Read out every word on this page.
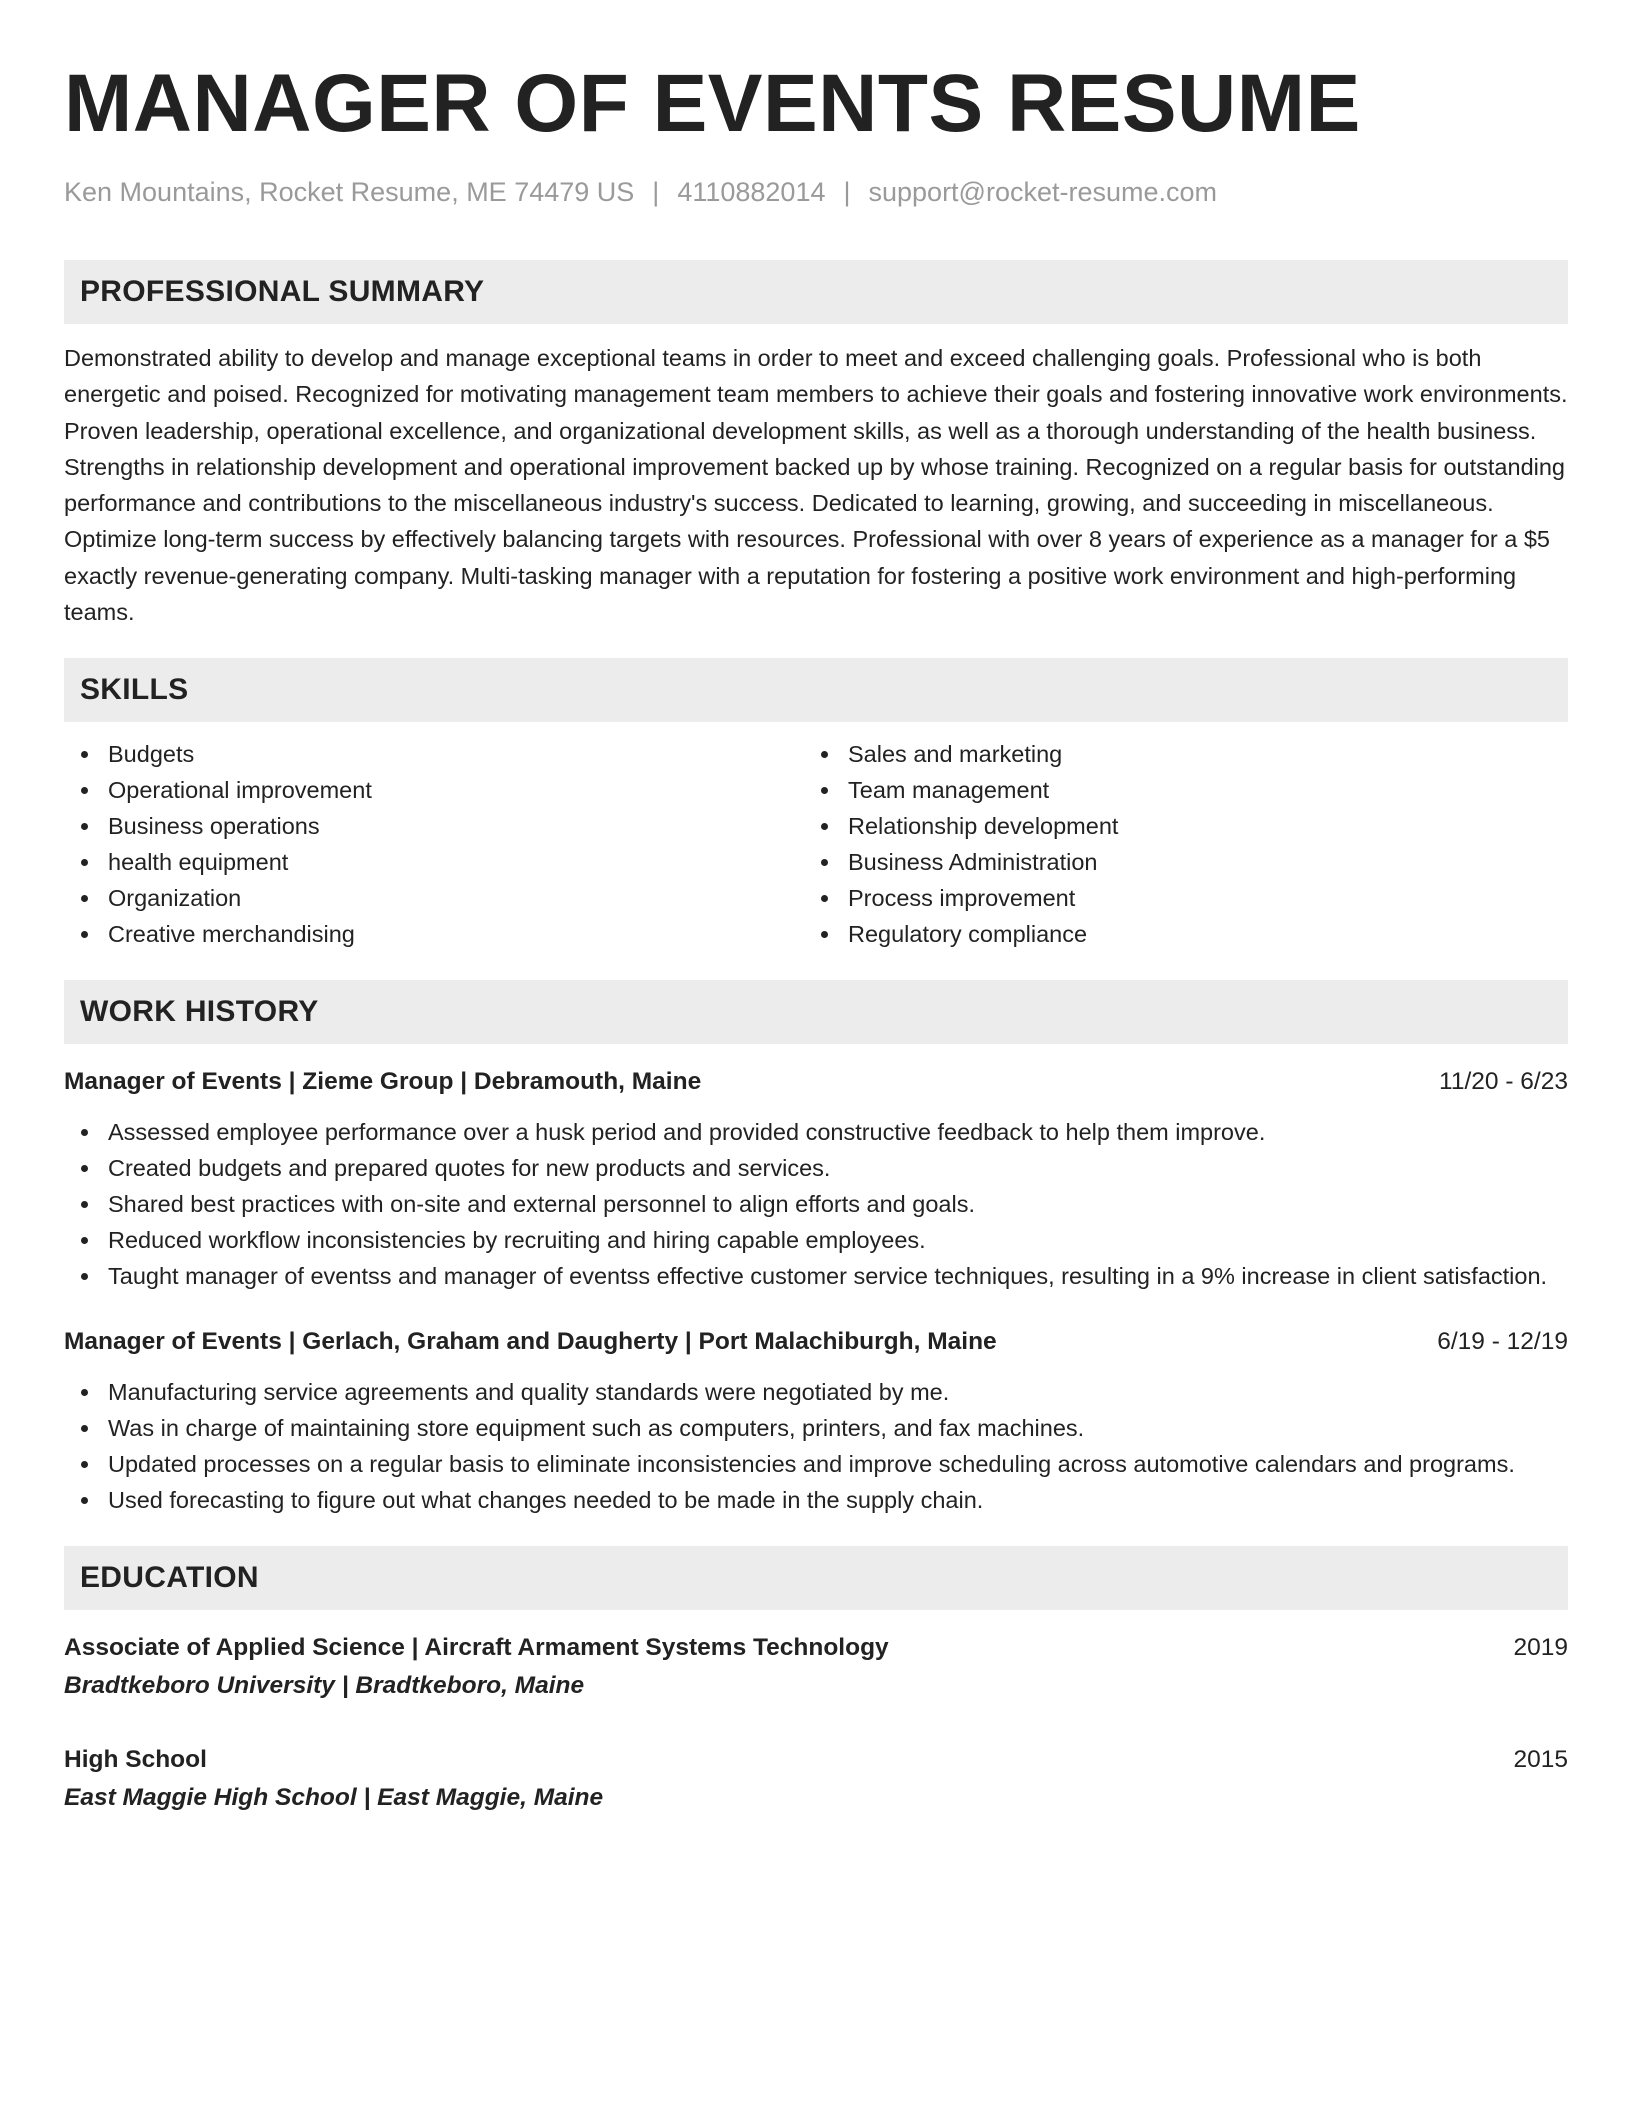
MANAGER OF EVENTS RESUME
Ken Mountains, Rocket Resume, ME 74479 US | 4110882014 | support@rocket-resume.com
PROFESSIONAL SUMMARY
Demonstrated ability to develop and manage exceptional teams in order to meet and exceed challenging goals. Professional who is both energetic and poised. Recognized for motivating management team members to achieve their goals and fostering innovative work environments. Proven leadership, operational excellence, and organizational development skills, as well as a thorough understanding of the health business. Strengths in relationship development and operational improvement backed up by whose training. Recognized on a regular basis for outstanding performance and contributions to the miscellaneous industry's success. Dedicated to learning, growing, and succeeding in miscellaneous. Optimize long-term success by effectively balancing targets with resources. Professional with over 8 years of experience as a manager for a $5 exactly revenue-generating company. Multi-tasking manager with a reputation for fostering a positive work environment and high-performing teams.
SKILLS
Budgets
Operational improvement
Business operations
health equipment
Organization
Creative merchandising
Sales and marketing
Team management
Relationship development
Business Administration
Process improvement
Regulatory compliance
WORK HISTORY
Manager of Events | Zieme Group | Debramouth, Maine	11/20 - 6/23
Assessed employee performance over a husk period and provided constructive feedback to help them improve.
Created budgets and prepared quotes for new products and services.
Shared best practices with on-site and external personnel to align efforts and goals.
Reduced workflow inconsistencies by recruiting and hiring capable employees.
Taught manager of eventss and manager of eventss effective customer service techniques, resulting in a 9% increase in client satisfaction.
Manager of Events | Gerlach, Graham and Daugherty | Port Malachiburgh, Maine	6/19 - 12/19
Manufacturing service agreements and quality standards were negotiated by me.
Was in charge of maintaining store equipment such as computers, printers, and fax machines.
Updated processes on a regular basis to eliminate inconsistencies and improve scheduling across automotive calendars and programs.
Used forecasting to figure out what changes needed to be made in the supply chain.
EDUCATION
Associate of Applied Science | Aircraft Armament Systems Technology	2019
Bradtkeboro University | Bradtkeboro, Maine
High School	2015
East Maggie High School | East Maggie, Maine
